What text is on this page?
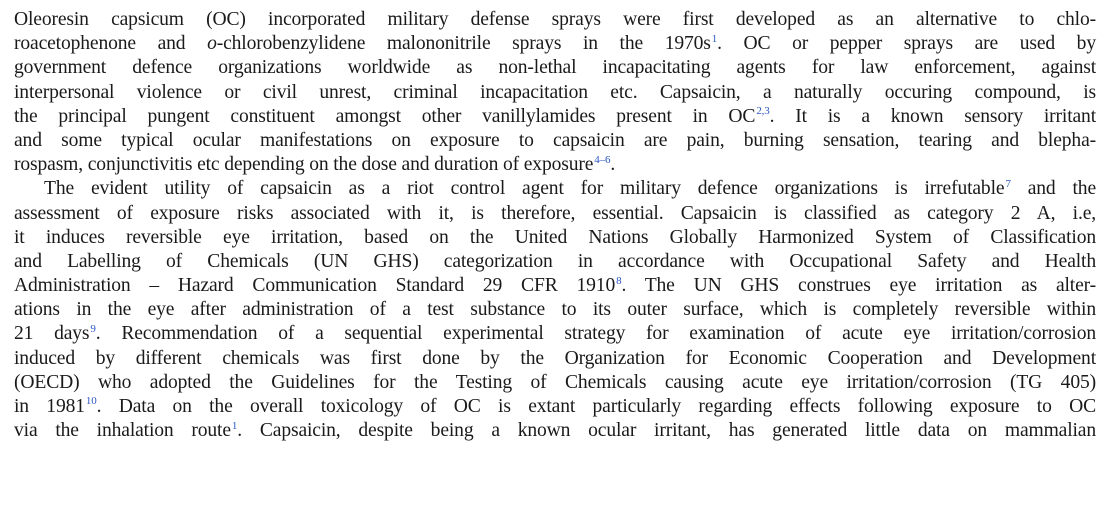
Oleoresin capsicum (OC) incorporated military defense sprays were first developed as an alternative to chlo-
roacetophenone and o-chlorobenzylidene malononitrile sprays in the 1970s$^1$. OC or pepper sprays are used by
government defence organizations worldwide as non-lethal incapacitating agents for law enforcement, against
interpersonal violence or civil unrest, criminal incapacitation etc. Capsaicin, a naturally occuring compound, is
the principal pungent constituent amongst other vanillylamides present in OC$^{2,3}$. It is a known sensory irritant
and some typical ocular manifestations on exposure to capsaicin are pain, burning sensation, tearing and blepha-
rospasm, conjunctivitis etc depending on the dose and duration of exposure$^{4-6}$.
The evident utility of capsaicin as a riot control agent for military defence organizations is irrefutable$^7$ and the
assessment of exposure risks associated with it, is therefore, essential. Capsaicin is classified as category 2 A, i.e,
it induces reversible eye irritation, based on the United Nations Globally Harmonized System of Classification
and Labelling of Chemicals (UN GHS) categorization in accordance with Occupational Safety and Health
Administration – Hazard Communication Standard 29 CFR 1910$^8$. The UN GHS construes eye irritation as alter-
ations in the eye after administration of a test substance to its outer surface, which is completely reversible within
21 days$^9$. Recommendation of a sequential experimental strategy for examination of acute eye irritation/corrosion
induced by different chemicals was first done by the Organization for Economic Cooperation and Development
(OECD) who adopted the Guidelines for the Testing of Chemicals causing acute eye irritation/corrosion (TG 405)
in 1981$^{10}$. Data on the overall toxicology of OC is extant particularly regarding effects following exposure to OC
via the inhalation route$^1$. Capsaicin, despite being a known ocular irritant, has generated little data on mammalian
